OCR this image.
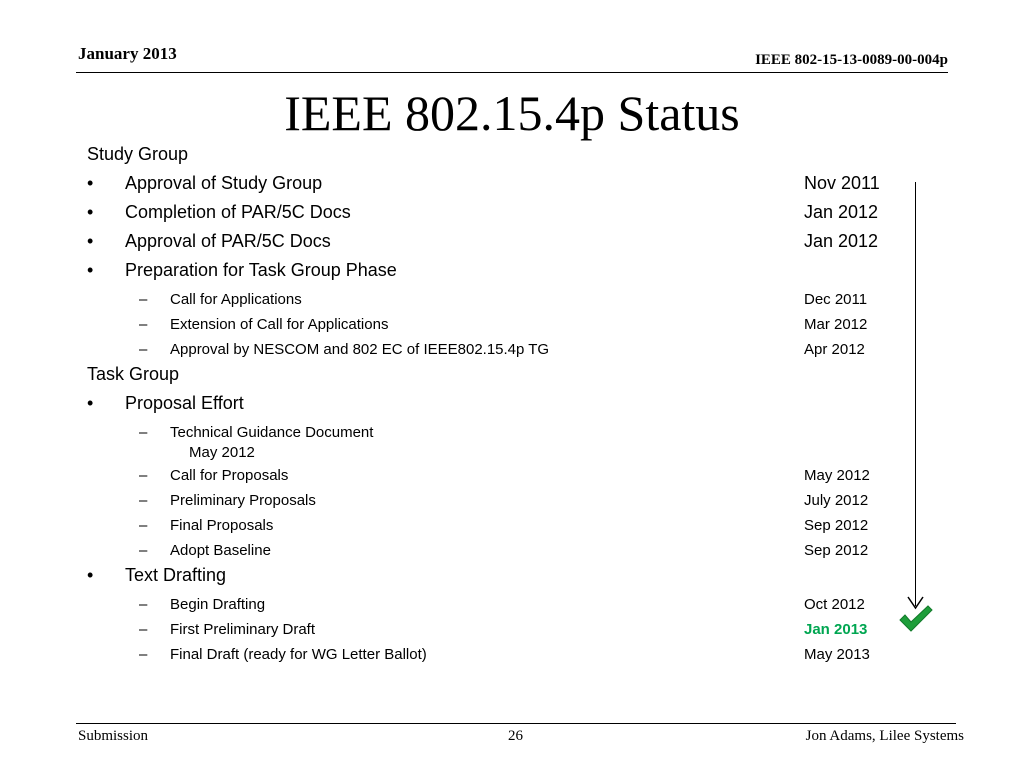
January 2013	IEEE 802-15-13-0089-00-004p
IEEE 802.15.4p Status
Study Group
• Approval of Study Group	Nov 2011
• Completion of PAR/5C Docs	Jan 2012
• Approval of PAR/5C Docs	Jan 2012
• Preparation for Task Group Phase
– Call for Applications	Dec 2011
– Extension of Call for Applications	Mar 2012
– Approval by NESCOM and 802 EC of IEEE802.15.4p TG	Apr 2012
Task Group
• Proposal Effort
– Technical Guidance Document
May 2012
– Call for Proposals	May 2012
– Preliminary Proposals	July 2012
– Final Proposals	Sep 2012
– Adopt Baseline	Sep 2012
• Text Drafting
– Begin Drafting	Oct 2012
– First Preliminary Draft	Jan 2013
– Final Draft (ready for WG Letter Ballot)	May 2013
Submission	26	Jon Adams, Lilee Systems
